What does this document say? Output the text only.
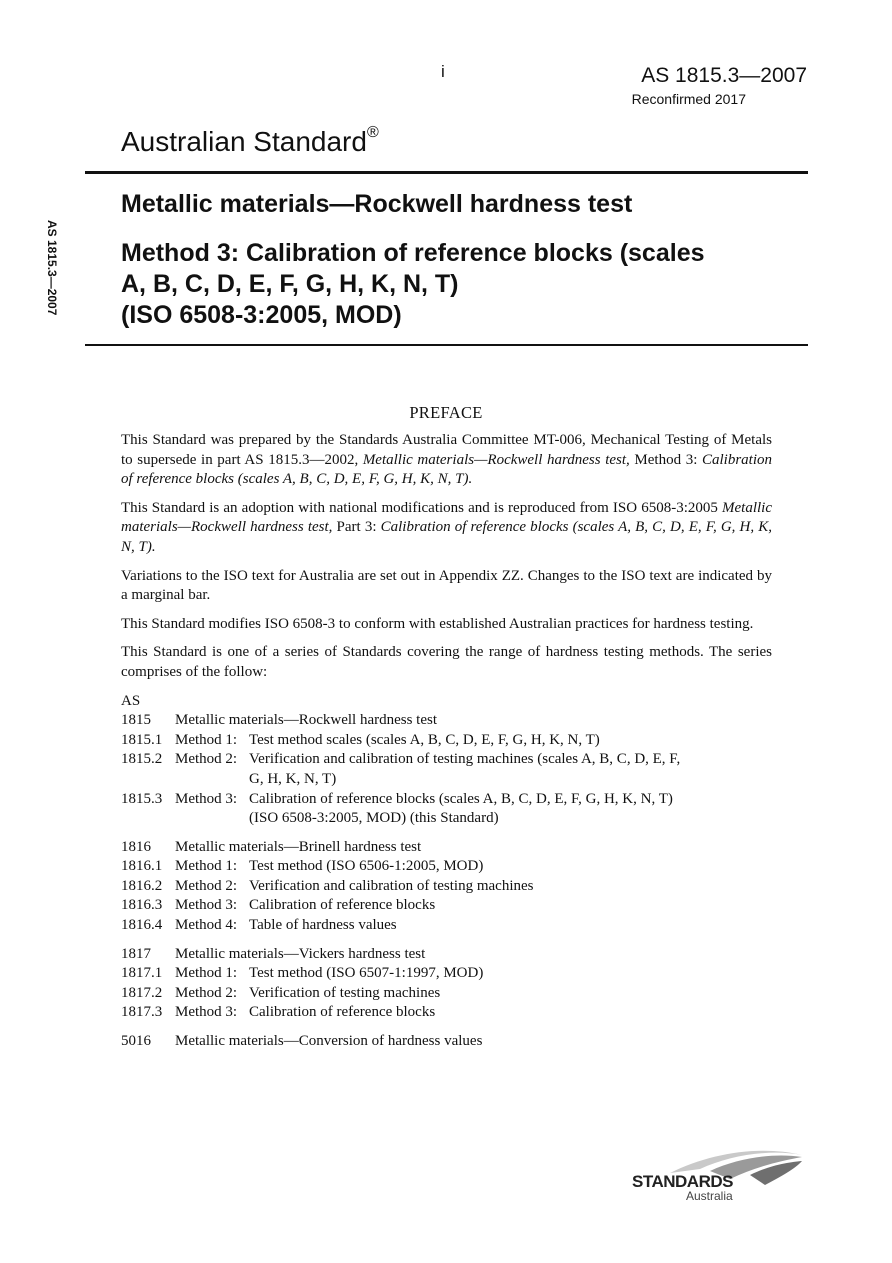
i	AS 1815.3—2007
Reconfirmed 2017
Australian Standard®
AS 1815.3—2007
Metallic materials—Rockwell hardness test
Method 3: Calibration of reference blocks (scales
A, B, C, D, E, F, G, H, K, N, T)
(ISO 6508-3:2005, MOD)
PREFACE

This Standard was prepared by the Standards Australia Committee MT-006, Mechanical Testing of Metals to supersede in part AS 1815.3—2002, Metallic materials—Rockwell hardness test, Method 3: Calibration of reference blocks (scales A, B, C, D, E, F, G, H, K, N, T).

This Standard is an adoption with national modifications and is reproduced from ISO 6508-3:2005 Metallic materials—Rockwell hardness test, Part 3: Calibration of reference blocks (scales A, B, C, D, E, F, G, H, K, N, T).

Variations to the ISO text for Australia are set out in Appendix ZZ. Changes to the ISO text are indicated by a marginal bar.

This Standard modifies ISO 6508-3 to conform with established Australian practices for hardness testing.

This Standard is one of a series of Standards covering the range of hardness testing methods. The series comprises of the follow:

AS
1815	Metallic materials—Rockwell hardness test
1815.1 Method 1: Test method scales (scales A, B, C, D, E, F, G, H, K, N, T)
1815.2 Method 2: Verification and calibration of testing machines (scales A, B, C, D, E, F,
G, H, K, N, T)
1815.3 Method 3: Calibration of reference blocks (scales A, B, C, D, E, F, G, H, K, N, T)
(ISO 6508-3:2005, MOD) (this Standard)
1816	Metallic materials—Brinell hardness test
1816.1 Method 1: Test method (ISO 6506-1:2005, MOD)
1816.2 Method 2: Verification and calibration of testing machines
1816.3 Method 3: Calibration of reference blocks
1816.4 Method 4: Table of hardness values
1817	Metallic materials—Vickers hardness test
1817.1 Method 1: Test method (ISO 6507-1:1997, MOD)
1817.2 Method 2: Verification of testing machines
1817.3 Method 3: Calibration of reference blocks
5016	Metallic materials—Conversion of hardness values
STANDARDS
Australia
